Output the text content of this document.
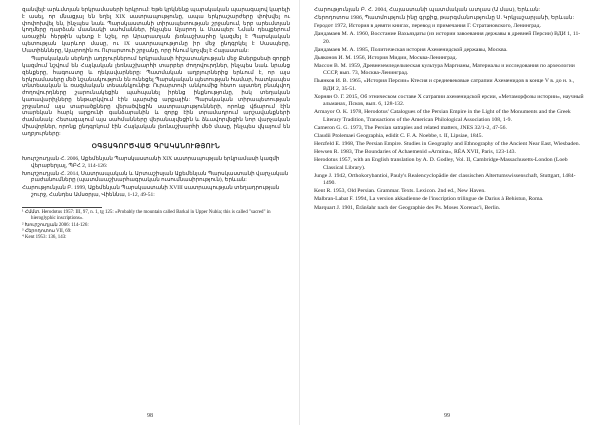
զանվելէ արևմտյան երկրամասերի երկրում: Եթե կրկնենք պարսկական պարագայով կարելի է ասել, որ մնացյալ են եղել XIX սատրապությունը, ապա երկրաշարժերը փոխվել ու փոփոխվել են, ինչպես նաև Պարսկաստանի տիրապետության շրջանում, երբ արեւմտյան կողմերը դարձան մասնակի սահմաններ, ինչպես Ալարոդ և Սասպեր: Նման դեպքերում առաջին հերթին պետք է նշել, որ Արարատյան լեռնաշխարհը կազմել է Պարսկական պետության կարևոր մասը, ու IX սատրապությունը իր մեջ ընդգրկել է Սասպերը, Մատիենները, Ալարոդին ու Ուրարտուի շրջանը, որը հնում կոչվել է Հայաստան:

Պարսկական սերնդի աղբյուրներում երկրամասի հիշատակության մեջ Քսերքսեսի զորքի կազմում նշվում են Հայկական լեռնաշխարհի տարբեր ժողովուրդներ, ինչպես նաև նրանց զենքերը, հագուստը և ղեկավարները: Պատմական աղբյուրներից երևում է, որ այս երկրամասերը մեծ նշանակություն են ունեցել Պարսկական պետության համար, հատկապես տնտեսական և ռազմական տեսանկյունից: Ուրարտուի անկումից հետո այստեղ բնակվող ժողովուրդները շարունակեցին պահպանել իրենց ինքնությունը, իսկ տեղական կառավարիչները ենթարկվում էին պարսից արքային: Պարսկական տիրապետության շրջանում այս տարածքները վերածվեցին սատրապությունների, որոնք վճարում էին տարեկան հարկ արքունի գանձարանին և զորք էին տրամադրում արշավանքների ժամանակ: Հետագայում այս սահմանները վերանայվեցին և ձևավորվեցին նոր վարչական միավորներ, որոնք ընդգրկում էին Հայկական լեռնաշխարհի մեծ մասը, ինչպես վկայում են աղբյուրները:

ՕԳՏԱԳՈՐԾՎԱԾ ԳՐԱԿԱՆՈՒԹՅՈՒՆ
Խուրշուդյան Հ. 2006, Աքեմենյան Պարսկաստանի XIX սատրապության երկրամասի կազմի վերաբերյալ, ՊԲՀ 2, 114-126:
Խուրշուդյան Հ. 2014, Սատրապական և Արտաշիսյան Աքեմենյան Պարսկաստանի վարչական բաժանումները (պատմաաշխարհագրական ուսումնասիրություն), Երևան:
Հարությունյան Բ. 1999, Աքեմենյան Պարսկաստանի XVIII սատրապության տեղադրության շուրջ, Հանդես Ամսօրյա, Վիեննա, 1-12, 49-51:
¹ Հմմտ. Herodotus 1957: III, 97, n. 1, tg 125: «Probably the mountain called Barkal in Upper Nubia; this is called "sacred" in hieroglyphic inscriptions».
² Խուրշուդյան 2006: 114-126:
³ Հերոդոտոս VII, 69:
⁴ Kent 1953: 136, 143:
98
Հարությունյան Բ. Հ. 2004, Հայաստանի պատմական ատլաս (Ա մաս), Երևան:
Հերոդոտոս 1986, Պատմություն ինը գրքից, թարգմանությունը Ս. Կրկյաշարյանի, Երևան:
Геродот 1972, История в девяти книгах, перевод и примечания Г. Стратановского, Ленинград.
Дандамаев М. А. 1960, Восстание Вахьяздаты (из истории завоевания державы в древней Персии) ВДИ 1, 11-20.
Дандамаев М. А. 1985, Политическая история Ахеменидской державы, Москва.
Дьяконов И. М. 1956, История Мидии, Москва-Ленинград.
Массон В. М. 1959, Древнеземледельческая культура Маргианы, Материалы и исследования по археологии СССР, вып. 73, Москва-Ленинград.
Пьянков И. В. 1965, «История Персии» Ктесия и средневековые сатрапии Ахеменидов в конце V в. до н. э., ВДИ 2, 35-51.
Хорнян О. Г. 2015, Об этническом составе X сатрапии ахеменидской ерсии, «Метаморфозы истории», научный альманах, Псков, вып. 6, 128-132.
Armayor O. K. 1978, Herodotus' Catalogues of the Persian Empire in the Light of the Monuments and the Greek Literary Tradition, Transactions of the American Philological Association 108, 1-9.
Cameron G. G. 1973, The Persian satrapies and related matters, JNES 32/1-2, 47-56.
Claudii Ptolemaei Geographia, edidit C. F. A. Noebbe, t. II, Lipsiae, 1845.
Herzfeld E. 1968, The Persian Empire. Studies in Geography and Ethnography of the Ancient Near East, Wiesbaden.
Hewsen R. 1983, The Boundaries of Achaemenid «Armina», RÉA XVII, Paris, 123-143.
Herodotus 1957, with an English translation by A. D. Godley, Vol. II, Cambridge-Massachusetts-London (Loeb Classical Library).
Junge J. 1942, Orthokorybantioi, Pauly's Realencyclopädie der classischen Altertumswissenschaft, Stuttgart, 1484-1490.
Kent R. 1953, Old Persian. Grammar. Texts. Lexicon. 2nd ed., New Haven.
Malbran-Labat F. 1994, La version akkadienne de l'inscription trilingue de Darius à Behistun, Roma.
Marquart J. 1901, Ērānšahr nach der Geographie des Ps. Moses Xorenac'i, Berlin.
99
